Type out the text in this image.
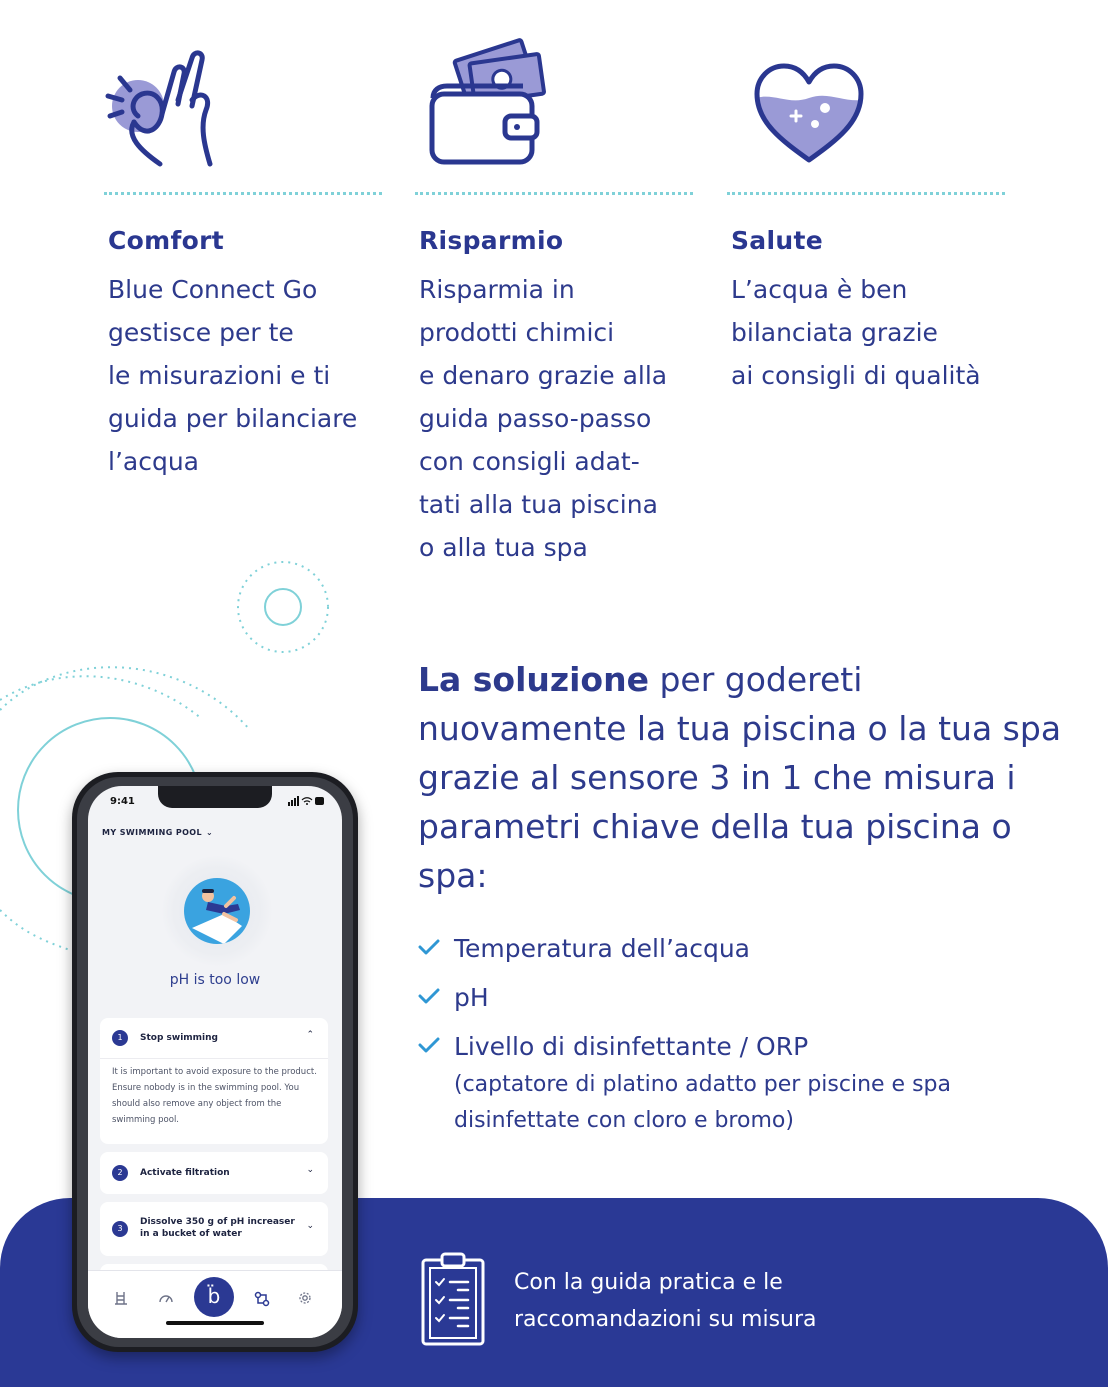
Comfort

Blue Connect Go
gestisce per te
le misurazioni e ti
guida per bilanciare
l’acqua

Risparmio

Risparmia in
prodotti chimici
e denaro grazie alla
guida passo-passo
con consigli adat-
tati alla tua piscina
o alla tua spa

Salute

L’acqua è ben
bilanciata grazie
ai consigli di qualità

La soluzione per godereti nuovamente la tua piscina o la tua spa grazie al sensore 3 in 1 che misura i parametri chiave della tua piscina o spa:
Temperatura dell’acqua
pH
Livello di disinfettante / ORP
(captatore di platino adatto per piscine e spa disinfettate con cloro e bromo)
Con la guida pratica e le
raccomandazioni su misura
9:41
MY SWIMMING POOL ⌄
pH is too low
1	Stop swimming	⌃
It is important to avoid exposure to the product. Ensure nobody is in the swimming pool. You should also remove any object from the swimming pool.
2	Activate filtration	⌄
3
Dissolve 350 g of pH increaser in a bucket of water
⌄
b̈
